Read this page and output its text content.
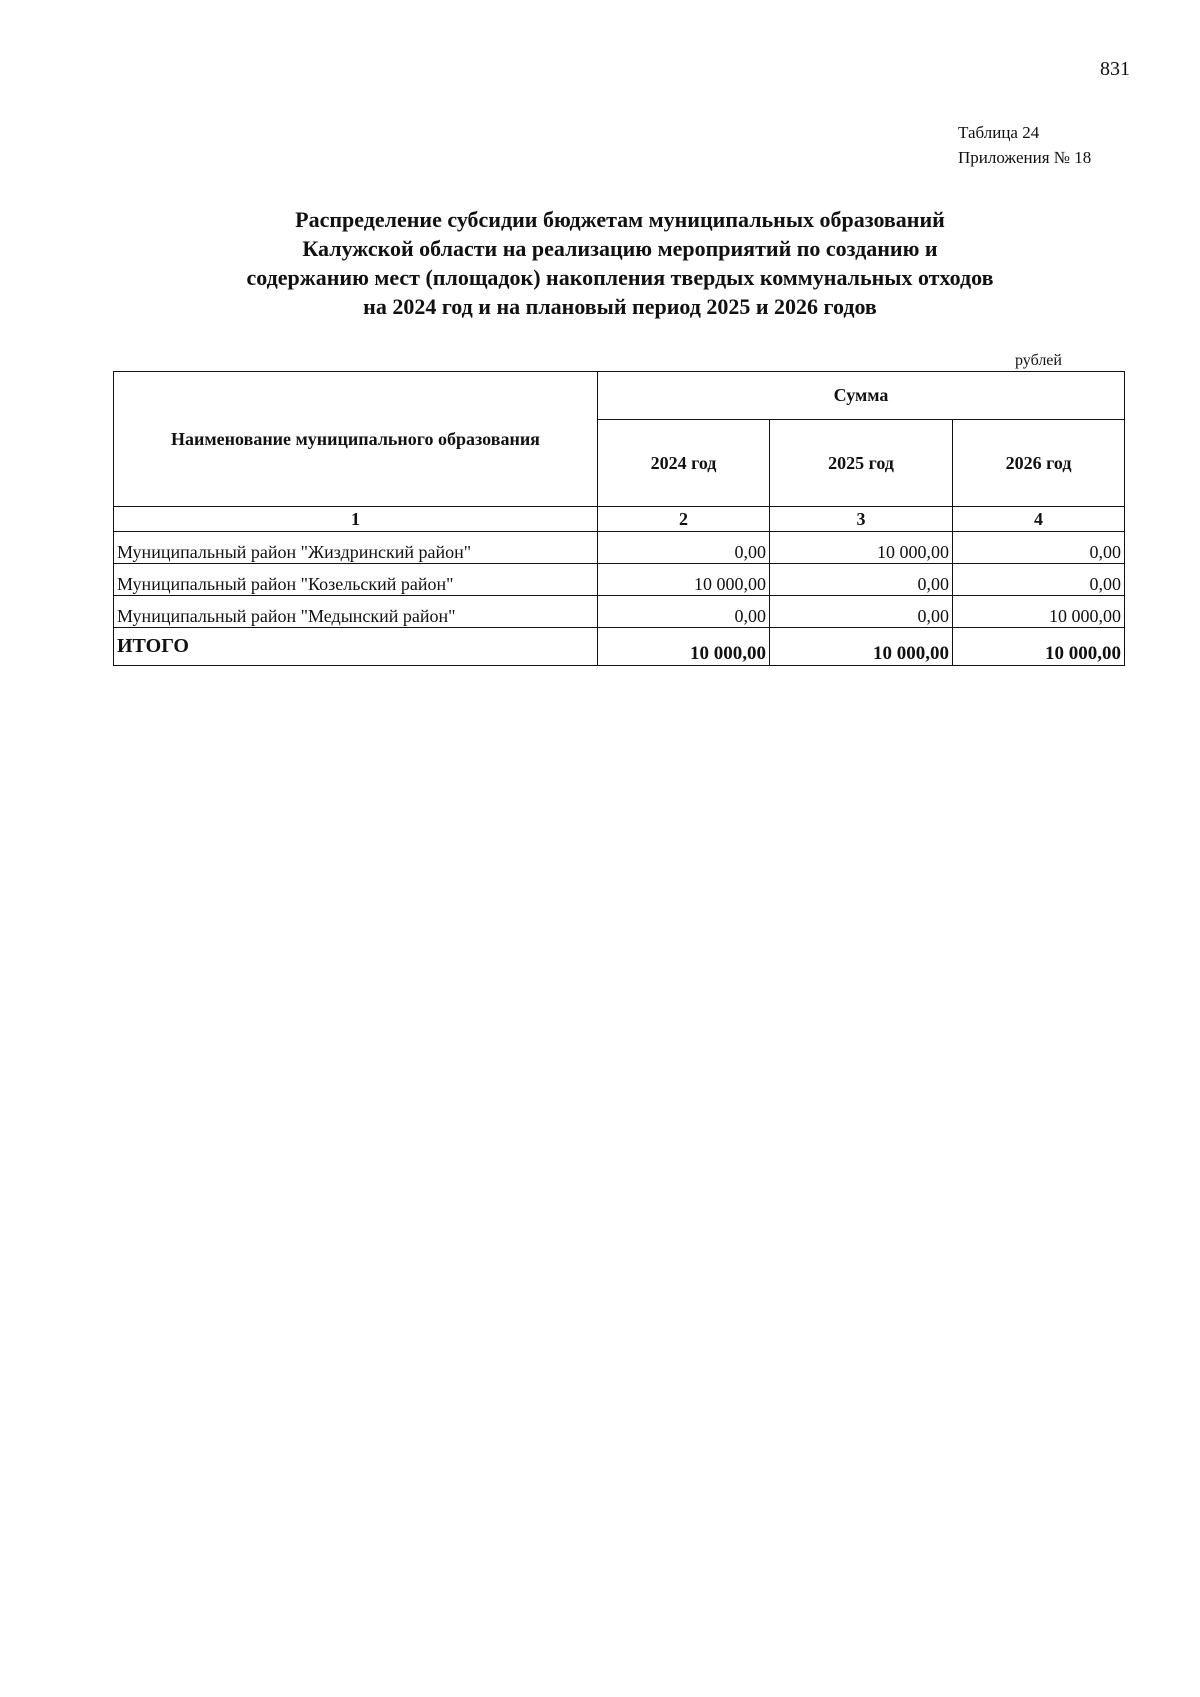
831
Таблица 24
Приложения № 18
Распределение субсидии бюджетам муниципальных образований
Калужской области на реализацию мероприятий по созданию и
содержанию мест (площадок) накопления твердых коммунальных отходов
на 2024 год и на плановый период 2025 и 2026 годов
рублей
Наименование муниципального образования	Сумма		
	2024 год	2025 год	2026 год
1	2	3	4
Муниципальный район "Жиздринский район"	0,00	10 000,00	0,00
Муниципальный район "Козельский район"	10 000,00	0,00	0,00
Муниципальный район "Медынский район"	0,00	0,00	10 000,00
ИТОГО	10 000,00	10 000,00	10 000,00
